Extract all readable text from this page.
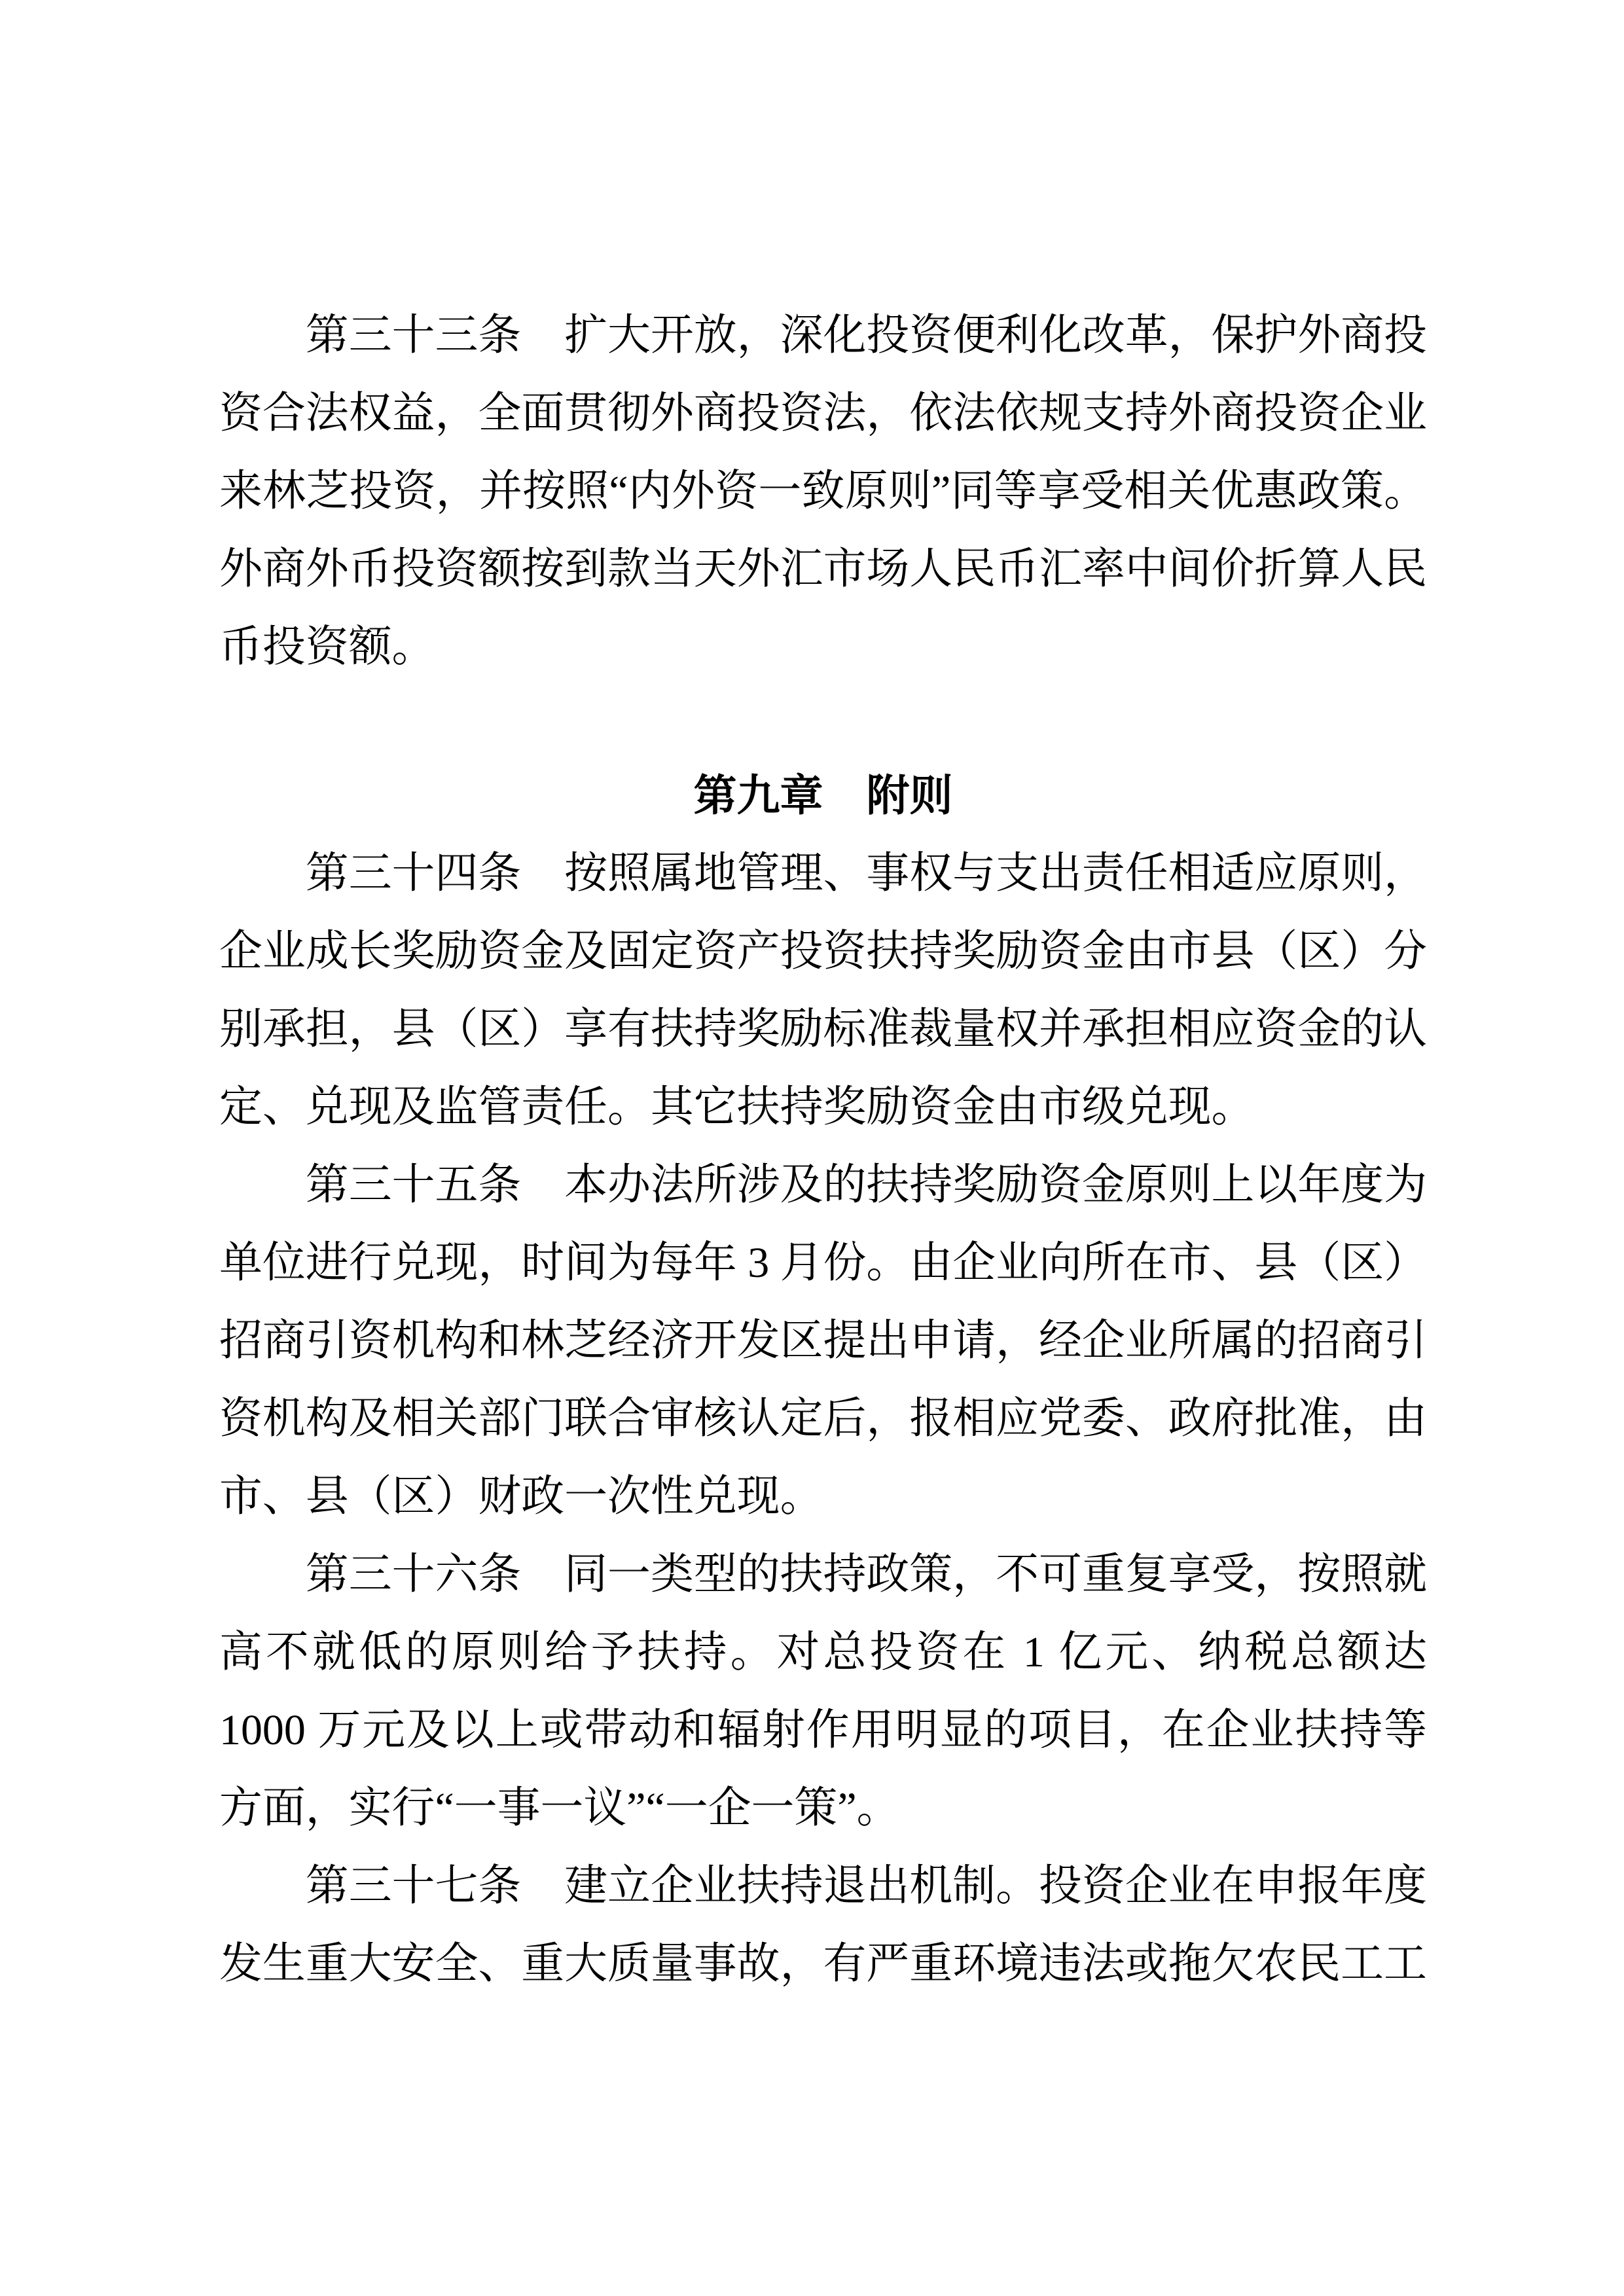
第三十三条　扩大开放，深化投资便利化改革，保护外商投资合法权益，全面贯彻外商投资法，依法依规支持外商投资企业来林芝投资，并按照“内外资一致原则”同等享受相关优惠政策。外商外币投资额按到款当天外汇市场人民币汇率中间价折算人民币投资额。

第九章　附则

第三十四条　按照属地管理、事权与支出责任相适应原则，企业成长奖励资金及固定资产投资扶持奖励资金由市县（区）分别承担，县（区）享有扶持奖励标准裁量权并承担相应资金的认定、兑现及监管责任。其它扶持奖励资金由市级兑现。

第三十五条　本办法所涉及的扶持奖励资金原则上以年度为单位进行兑现，时间为每年 3 月份。由企业向所在市、县（区）招商引资机构和林芝经济开发区提出申请，经企业所属的招商引资机构及相关部门联合审核认定后，报相应党委、政府批准，由市、县（区）财政一次性兑现。

第三十六条　同一类型的扶持政策，不可重复享受，按照就高不就低的原则给予扶持。对总投资在 1 亿元、纳税总额达 1000 万元及以上或带动和辐射作用明显的项目，在企业扶持等方面，实行“一事一议”“一企一策”。

第三十七条　建立企业扶持退出机制。投资企业在申报年度发生重大安全、重大质量事故，有严重环境违法或拖欠农民工工
